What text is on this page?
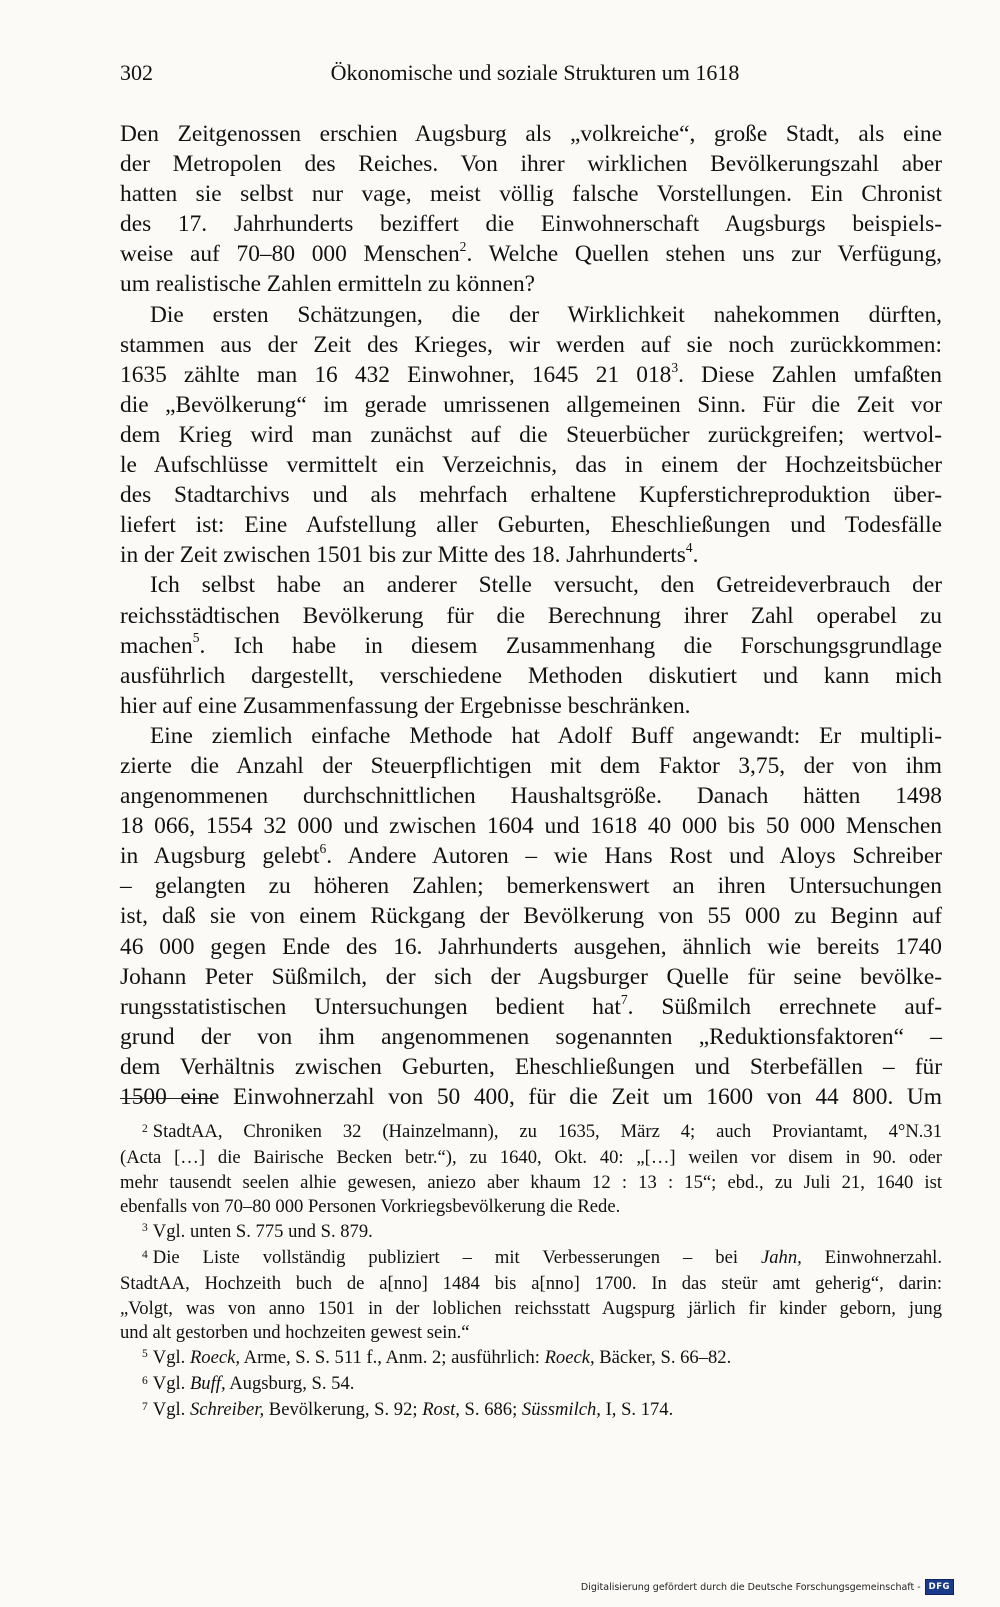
302	Ökonomische und soziale Strukturen um 1618
Den Zeitgenossen erschien Augsburg als „volkreiche“, große Stadt, als eine
der Metropolen des Reiches. Von ihrer wirklichen Bevölkerungszahl aber
hatten sie selbst nur vage, meist völlig falsche Vorstellungen. Ein Chronist
des 17. Jahrhunderts beziffert die Einwohnerschaft Augsburgs beispiels-
weise auf 70–80 000 Menschen$^2$. Welche Quellen stehen uns zur Verfügung,
um realistische Zahlen ermitteln zu können?
Die ersten Schätzungen, die der Wirklichkeit nahekommen dürften,
stammen aus der Zeit des Krieges, wir werden auf sie noch zurückkommen:
1635 zählte man 16 432 Einwohner, 1645 21 $018^3$. Diese Zahlen umfaßten
die „Bevölkerung“ im gerade umrissenen allgemeinen Sinn. Für die Zeit vor
dem Krieg wird man zunächst auf die Steuerbücher zurückgreifen; wertvol-
le Aufschlüsse vermittelt ein Verzeichnis, das in einem der Hochzeitsbücher
des Stadtarchivs und als mehrfach erhaltene Kupferstichreproduktion über-
liefert ist: Eine Aufstellung aller Geburten, Eheschließungen und Todesfälle
in der Zeit zwischen 1501 bis zur Mitte des 18. Jahrhunderts$^4$.
Ich selbst habe an anderer Stelle versucht, den Getreideverbrauch der
reichsstädtischen Bevölkerung für die Berechnung ihrer Zahl operabel zu
machen$^5$. Ich habe in diesem Zusammenhang die Forschungsgrundlage
ausführlich dargestellt, verschiedene Methoden diskutiert und kann mich
hier auf eine Zusammenfassung der Ergebnisse beschränken.
Eine ziemlich einfache Methode hat Adolf Buff angewandt: Er multipli-
zierte die Anzahl der Steuerpflichtigen mit dem Faktor 3,75, der von ihm
angenommenen durchschnittlichen Haushaltsgröße. Danach hätten 1498
18 066, 1554 32 000 und zwischen 1604 und 1618 40 000 bis 50 000 Menschen
in Augsburg gelebt$^6$. Andere Autoren – wie Hans Rost und Aloys Schreiber
– gelangten zu höheren Zahlen; bemerkenswert an ihren Untersuchungen
ist, daß sie von einem Rückgang der Bevölkerung von 55 000 zu Beginn auf
46 000 gegen Ende des 16. Jahrhunderts ausgehen, ähnlich wie bereits 1740
Johann Peter Süßmilch, der sich der Augsburger Quelle für seine bevölke-
rungsstatistischen Untersuchungen bedient hat$^7$. Süßmilch errechnete auf-
grund der von ihm angenommenen sogenannten „Reduktionsfaktoren“ –
dem Verhältnis zwischen Geburten, Eheschließungen und Sterbefällen – für
1500 eine Einwohnerzahl von 50 400, für die Zeit um 1600 von 44 800. Um
$^2$ StadtAA, Chroniken 32 (Hainzelmann), zu 1635, März 4; auch Proviantamt, 4°N.31
(Acta […] die Bairische Becken betr.“), zu 1640, Okt. 40: „[…] weilen vor disem in 90. oder
mehr tausendt seelen alhie gewesen, aniezo aber khaum 12 : 13 : 15“; ebd., zu Juli 21, 1640 ist
ebenfalls von 70–80 000 Personen Vorkriegsbevölkerung die Rede.
$^3$ Vgl. unten S. 775 und S. 879.
$^4$ Die Liste vollständig publiziert – mit Verbesserungen – bei Jahn, Einwohnerzahl.
StadtAA, Hochzeith buch de a[nno] 1484 bis a[nno] 1700. In das steür amt geherig“, darin:
„Volgt, was von anno 1501 in der loblichen reichsstatt Augspurg järlich fir kinder geborn, jung
und alt gestorben und hochzeiten gewest sein.“
$^5$ Vgl. Roeck, Arme, S. S. 511 f., Anm. 2; ausführlich: Roeck, Bäcker, S. 66–82.
$^6$ Vgl. Buff, Augsburg, S. 54.
$^7$ Vgl. Schreiber, Bevölkerung, S. 92; Rost, S. 686; Süssmilch, I, S. 174.
Digitalisierung gefördert durch die Deutsche Forschungsgemeinschaft - DFG
